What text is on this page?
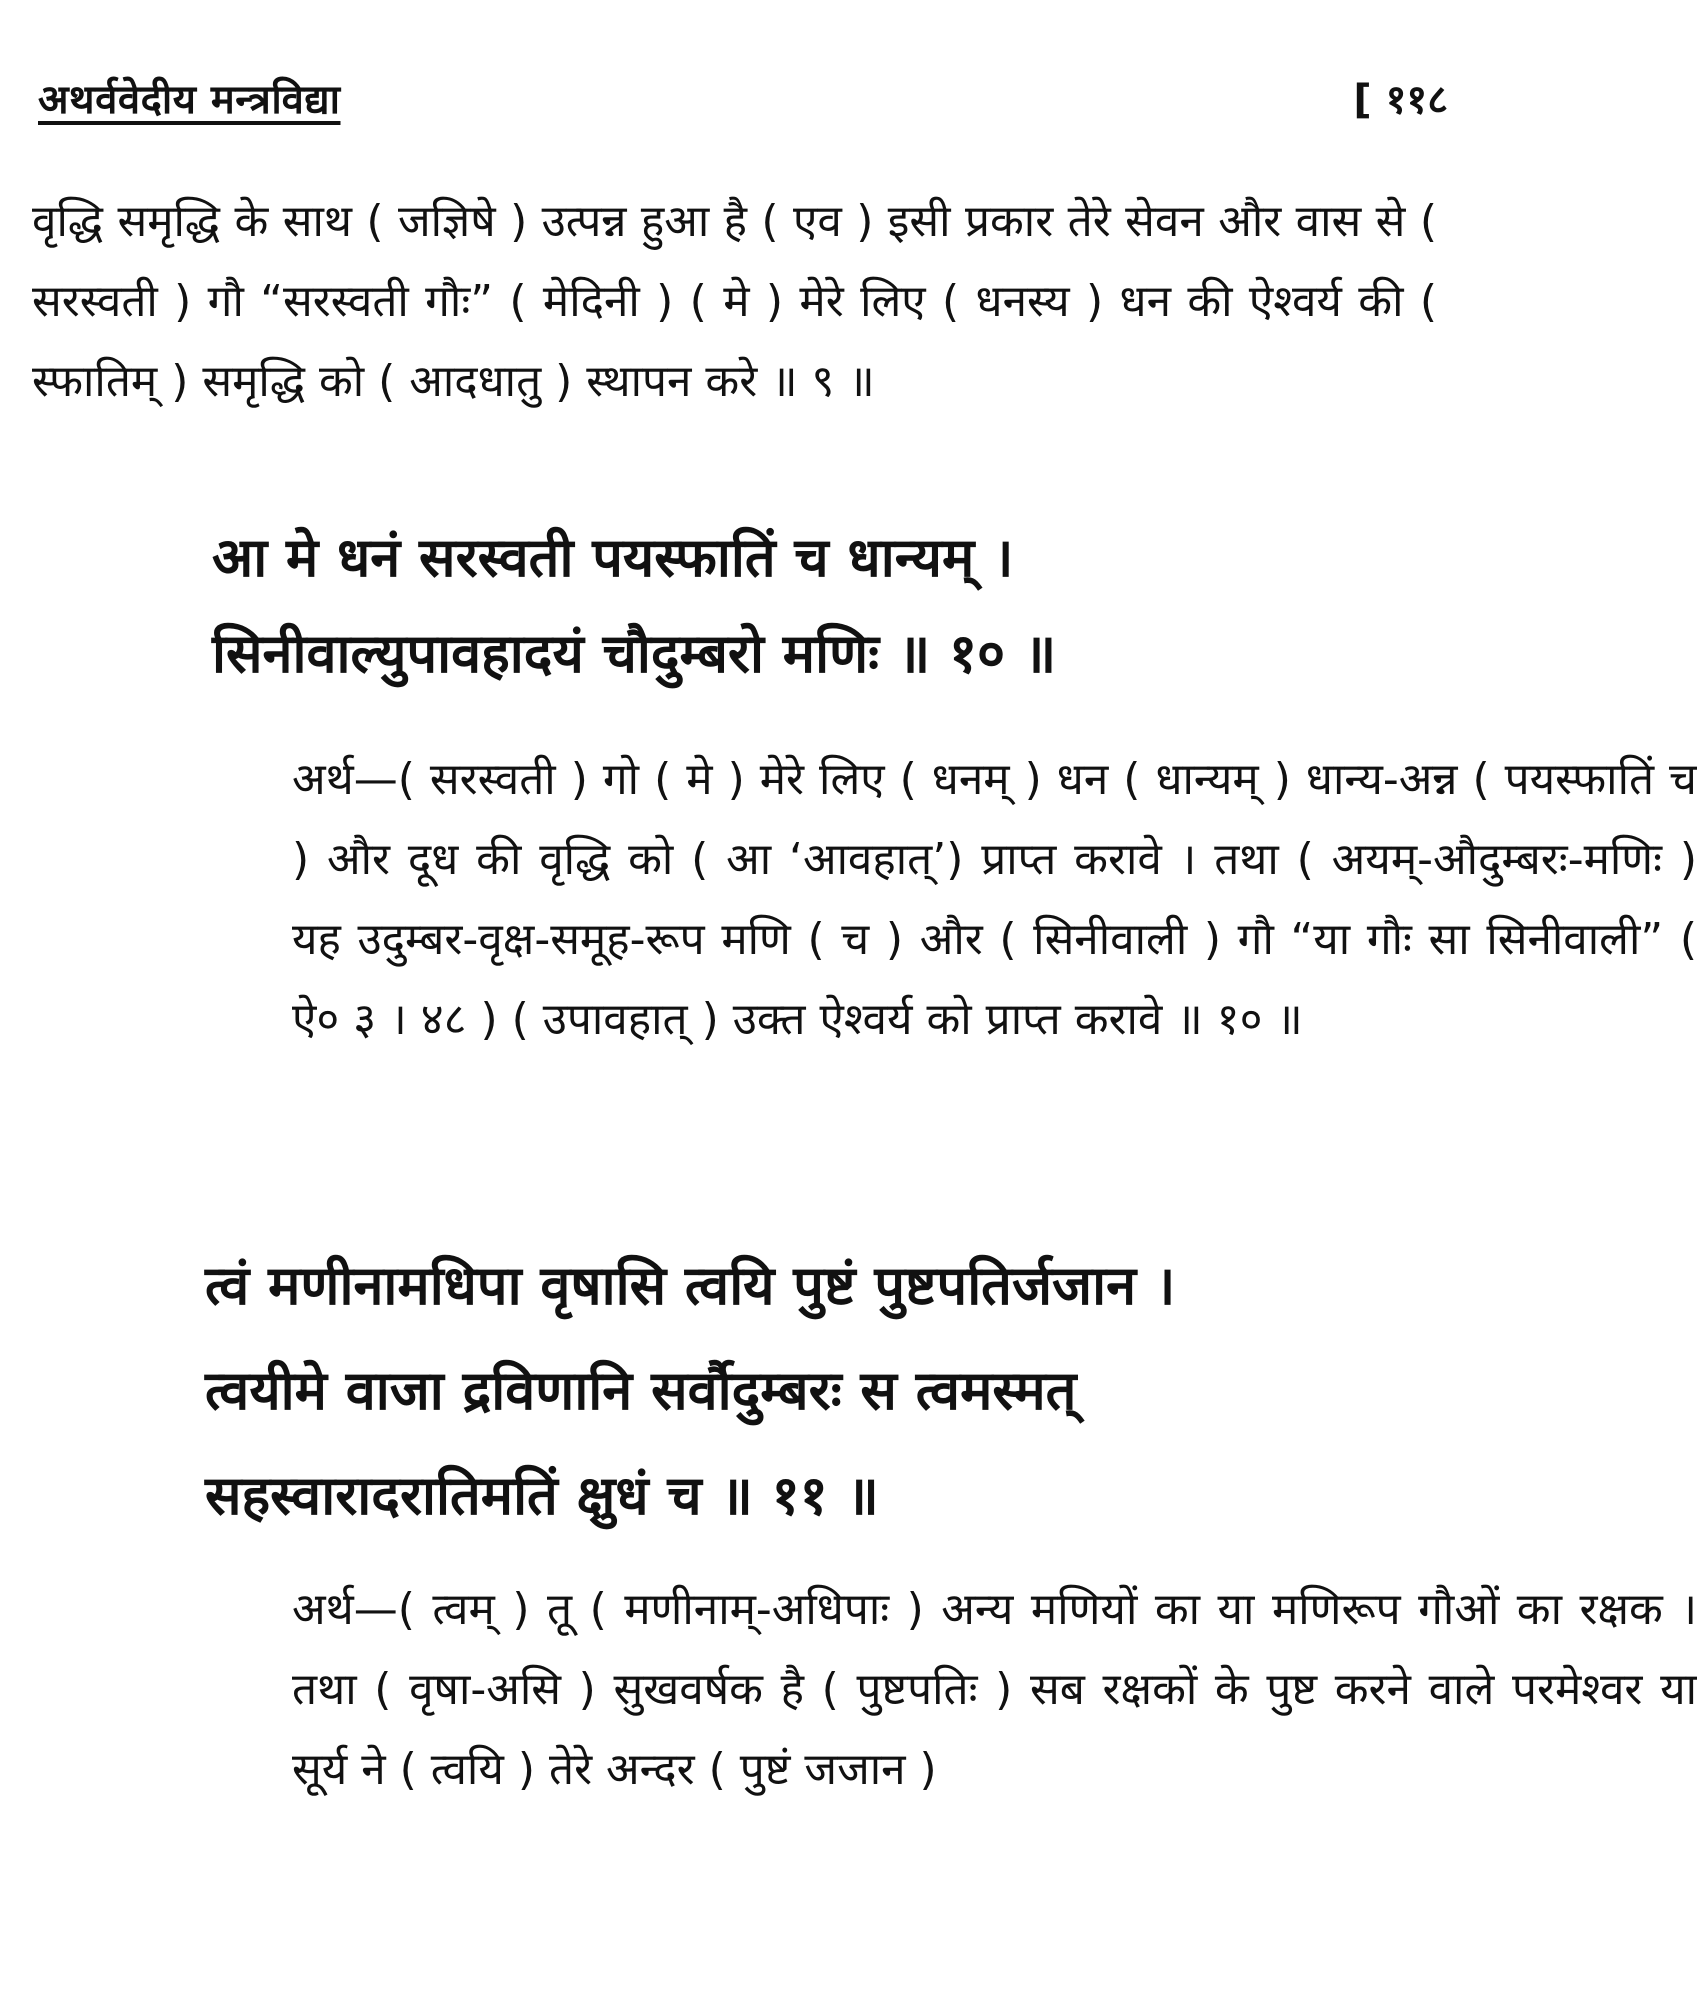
अथर्ववेदीय मन्त्रविद्या	[ ११८

वृद्धि समृद्धि के साथ ( जज्ञिषे ) उत्पन्न हुआ है ( एव ) इसी प्रकार तेरे सेवन और वास से ( सरस्वती ) गौ “सरस्वती गौः” ( मेदिनी ) ( मे ) मेरे लिए ( धनस्य ) धन की ऐश्वर्य की ( स्फातिम् ) समृद्धि को ( आदधातु ) स्थापन करे ॥ ९ ॥

आ मे धनं सरस्वती पयस्फातिं च धान्यम् ।

सिनीवाल्युपावहादयं चौदुम्बरो मणिः ॥ १० ॥

अर्थ—( सरस्वती ) गो ( मे ) मेरे लिए ( धनम् ) धन ( धान्यम् ) धान्य-अन्न ( पयस्फातिं च ) और दूध की वृद्धि को ( आ ‘आवहात्’) प्राप्त करावे । तथा ( अयम्-औदुम्बरः-मणिः ) यह उदुम्बर-वृक्ष-समूह-रूप मणि ( च ) और ( सिनीवाली ) गौ “या गौः सा सिनीवाली” ( ऐ० ३ । ४८ ) ( उपावहात् ) उक्त ऐश्वर्य को प्राप्त करावे ॥ १० ॥

त्वं मणीनामधिपा वृषासि त्वयि पुष्टं पुष्टपतिर्जजान ।

त्वयीमे वाजा द्रविणानि सर्वौदुम्बरः स त्वमस्मत्

सहस्वारादरातिमतिं क्षुधं च ॥ ११ ॥

अर्थ—( त्वम् ) तू ( मणीनाम्-अधिपाः ) अन्य मणियों का या मणिरूप गौओं का रक्षक । तथा ( वृषा-असि ) सुखवर्षक है ( पुष्टपतिः ) सब रक्षकों के पुष्ट करने वाले परमेश्वर या सूर्य ने ( त्वयि ) तेरे अन्दर ( पुष्टं जजान )
